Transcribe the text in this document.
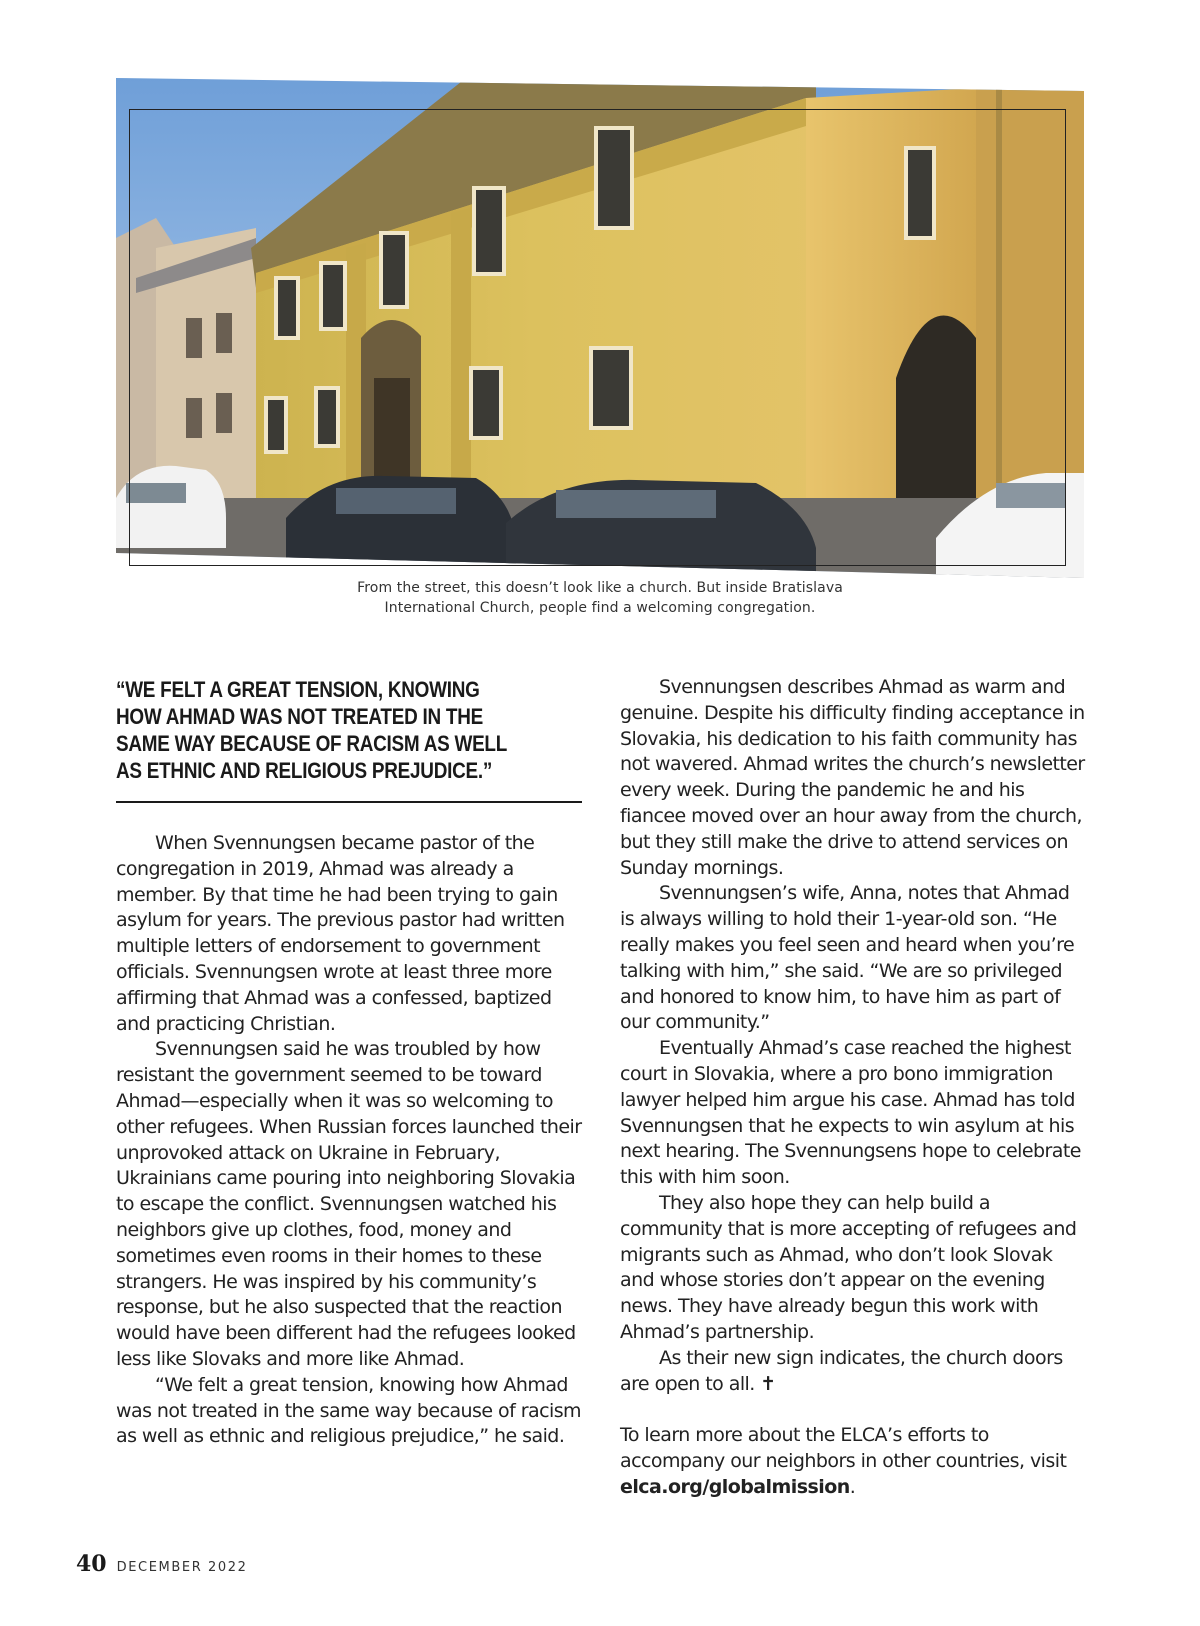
From the street, this doesn’t look like a church. But inside Bratislava
International Church, people find a welcoming congregation.
“WE FELT A GREAT TENSION, KNOWING HOW AHMAD WAS NOT TREATED IN THE SAME WAY BECAUSE OF RACISM AS WELL AS ETHNIC AND RELIGIOUS PREJUDICE.”

When Svennungsen became pastor of the congregation in 2019, Ahmad was already a member. By that time he had been trying to gain asylum for years. The previous pastor had written multiple letters of endorsement to government officials. Svennungsen wrote at least three more affirming that Ahmad was a confessed, baptized and practicing Christian.

Svennungsen said he was troubled by how resistant the government seemed to be toward Ahmad—especially when it was so welcoming to other refugees. When Russian forces launched their unprovoked attack on Ukraine in February, Ukrainians came pouring into neighboring Slovakia to escape the conflict. Svennungsen watched his neighbors give up clothes, food, money and sometimes even rooms in their homes to these strangers. He was inspired by his community’s response, but he also suspected that the reaction would have been different had the refugees looked less like Slovaks and more like Ahmad.

“We felt a great tension, knowing how Ahmad was not treated in the same way because of racism as well as ethnic and religious prejudice,” he said.

Svennungsen describes Ahmad as warm and genuine. Despite his difficulty finding acceptance in Slovakia, his dedication to his faith community has not wavered. Ahmad writes the church’s newsletter every week. During the pandemic he and his fiancee moved over an hour away from the church, but they still make the drive to attend services on Sunday mornings.

Svennungsen’s wife, Anna, notes that Ahmad is always willing to hold their 1-year-old son. “He really makes you feel seen and heard when you’re talking with him,” she said. “We are so privileged and honored to know him, to have him as part of our community.”

Eventually Ahmad’s case reached the highest court in Slovakia, where a pro bono immigration lawyer helped him argue his case. Ahmad has told Svennungsen that he expects to win asylum at his next hearing. The Svennungsens hope to celebrate this with him soon.

They also hope they can help build a community that is more accepting of refugees and migrants such as Ahmad, who don’t look Slovak and whose stories don’t appear on the evening news. They have already begun this work with Ahmad’s partnership.

As their new sign indicates, the church doors are open to all. ✝

To learn more about the ELCA’s efforts to accompany our neighbors in other countries, visit elca.org/globalmission.

40 DECEMBER 2022
